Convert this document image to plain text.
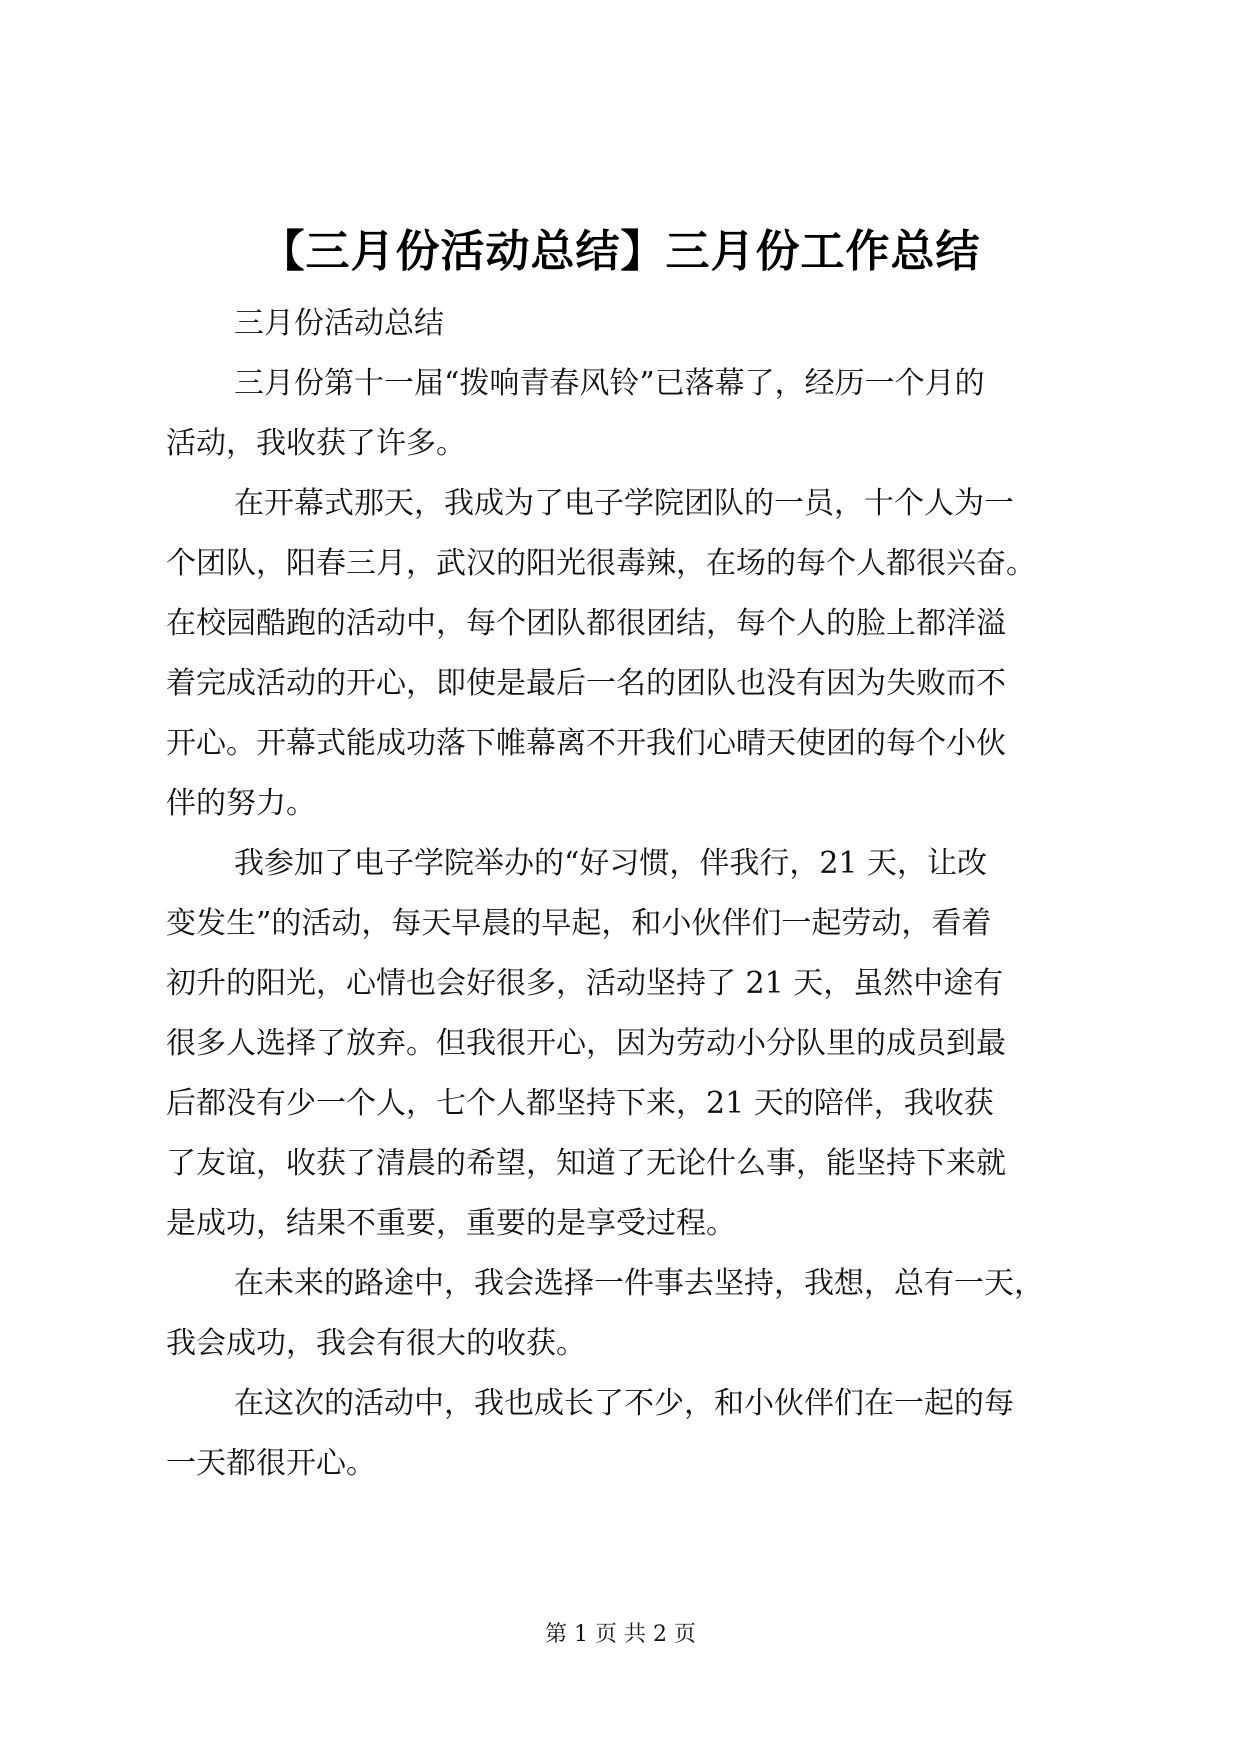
【三月份活动总结】三月份工作总结
三月份活动总结
三月份第十一届“拨响青春风铃”已落幕了，经历一个月的
活动，我收获了许多。
在开幕式那天，我成为了电子学院团队的一员，十个人为一
个团队，阳春三月，武汉的阳光很毒辣，在场的每个人都很兴奋。
在校园酷跑的活动中，每个团队都很团结，每个人的脸上都洋溢
着完成活动的开心，即使是最后一名的团队也没有因为失败而不
开心。开幕式能成功落下帷幕离不开我们心晴天使团的每个小伙
伴的努力。
我参加了电子学院举办的“好习惯，伴我行，21 天，让改
变发生”的活动，每天早晨的早起，和小伙伴们一起劳动，看着
初升的阳光，心情也会好很多，活动坚持了 21 天，虽然中途有
很多人选择了放弃。但我很开心，因为劳动小分队里的成员到最
后都没有少一个人，七个人都坚持下来，21 天的陪伴，我收获
了友谊，收获了清晨的希望，知道了无论什么事，能坚持下来就
是成功，结果不重要，重要的是享受过程。
在未来的路途中，我会选择一件事去坚持，我想，总有一天，
我会成功，我会有很大的收获。
在这次的活动中，我也成长了不少，和小伙伴们在一起的每
一天都很开心。
第 1 页 共 2 页
